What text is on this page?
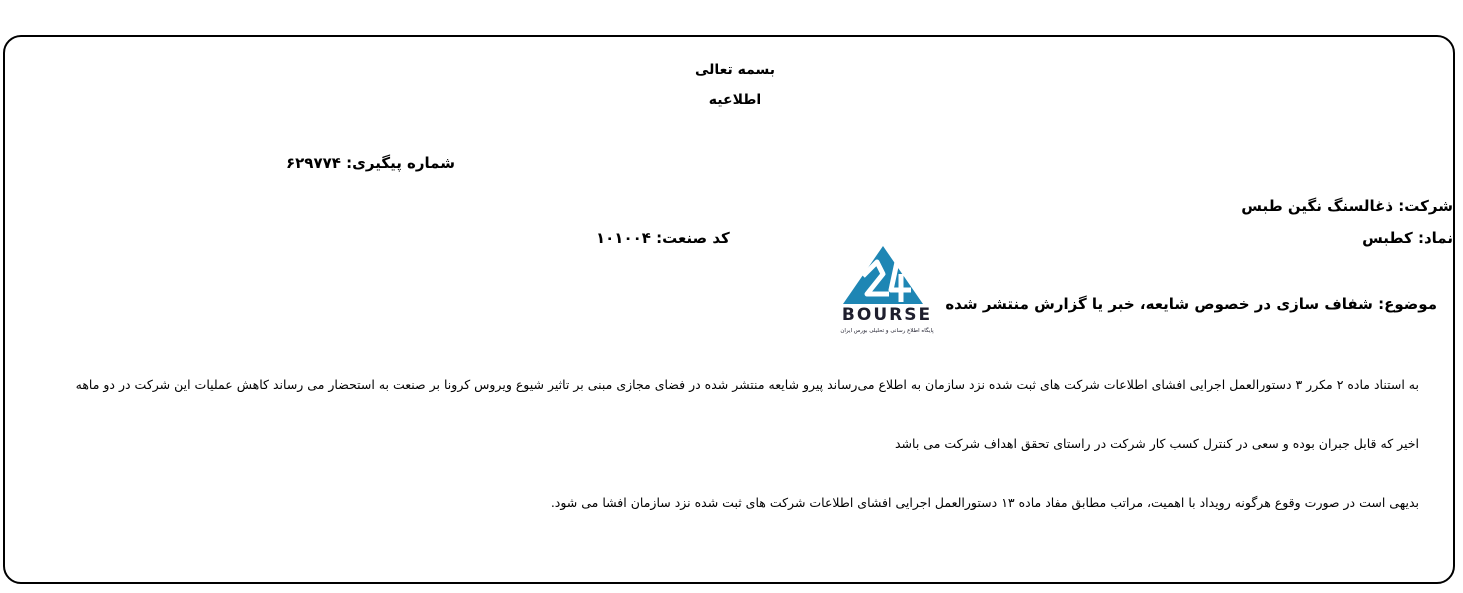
بسمه تعالی
اطلاعیه
شماره پیگیری: ۶۲۹۷۷۴
شرکت: ذغالسنگ نگین طبس
نماد: کطبس
کد صنعت: ۱۰۱۰۰۴
موضوع: شفاف سازی در خصوص شایعه، خبر یا گزارش منتشر شده
BOURSE
پایگاه اطلاع رسانی و تحلیلی بورس ایران
به استناد ماده ۲ مکرر ۳ دستورالعمل اجرایی افشای اطلاعات شرکت های ثبت شده نزد سازمان به اطلاع می‌رساند پیرو شایعه منتشر شده در فضای مجازی مبنی بر تاثیر شیوع ویروس کرونا بر صنعت به استحضار می رساند کاهش عملیات این شرکت در دو ماهه
اخیر که قابل جبران بوده و سعی در کنترل کسب کار شرکت در راستای تحقق اهداف شرکت می باشد
بدیهی است در صورت وقوع هرگونه رویداد با اهمیت، مراتب مطابق مفاد ماده ۱۳ دستورالعمل اجرایی افشای اطلاعات شرکت های ثبت شده نزد سازمان افشا می شود.
